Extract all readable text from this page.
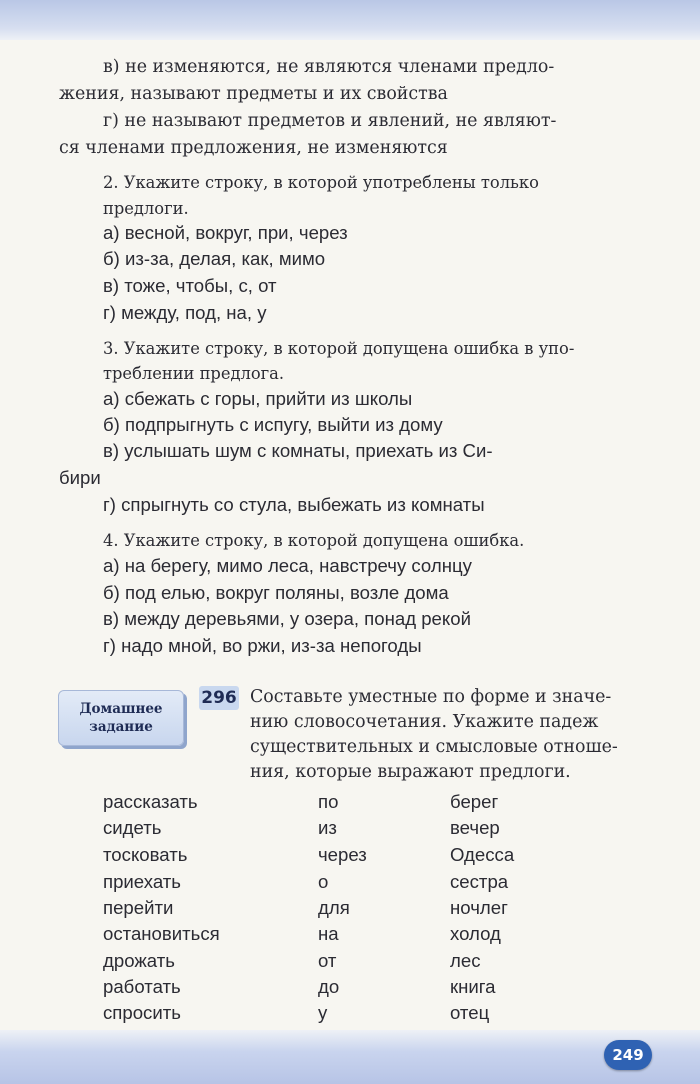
в) не изменяются, не являются членами предло-
жения, называют предметы и их свойства
г) не называют предметов и явлений, не являют-
ся членами предложения, не изменяются
2. Укажите строку, в которой употреблены только
предлоги.
а) весной, вокруг, при, через
б) из-за, делая, как, мимо
в) тоже, чтобы, с, от
г) между, под, на, у
3. Укажите строку, в которой допущена ошибка в упо-
треблении предлога.
а) сбежать с горы, прийти из школы
б) подпрыгнуть с испугу, выйти из дому
в) услышать шум с комнаты, приехать из Си-
бири
г) спрыгнуть со стула, выбежать из комнаты
4. Укажите строку, в которой допущена ошибка.
а) на берегу, мимо леса, навстречу солнцу
б) под елью, вокруг поляны, возле дома
в) между деревьями, у озера, понад рекой
г) надо мной, во ржи, из-за непогоды
Домашнее
задание
296 Составьте уместные по форме и значе-
нию словосочетания. Укажите падеж
существительных и смысловые отноше-
ния, которые выражают предлоги.
рассказать
сидеть
тосковать
приехать
перейти
остановиться
дрожать
работать
спросить
по
из
через
о
для
на
от
до
у
берег
вечер
Одесса
сестра
ночлег
холод
лес
книга
отец
249
